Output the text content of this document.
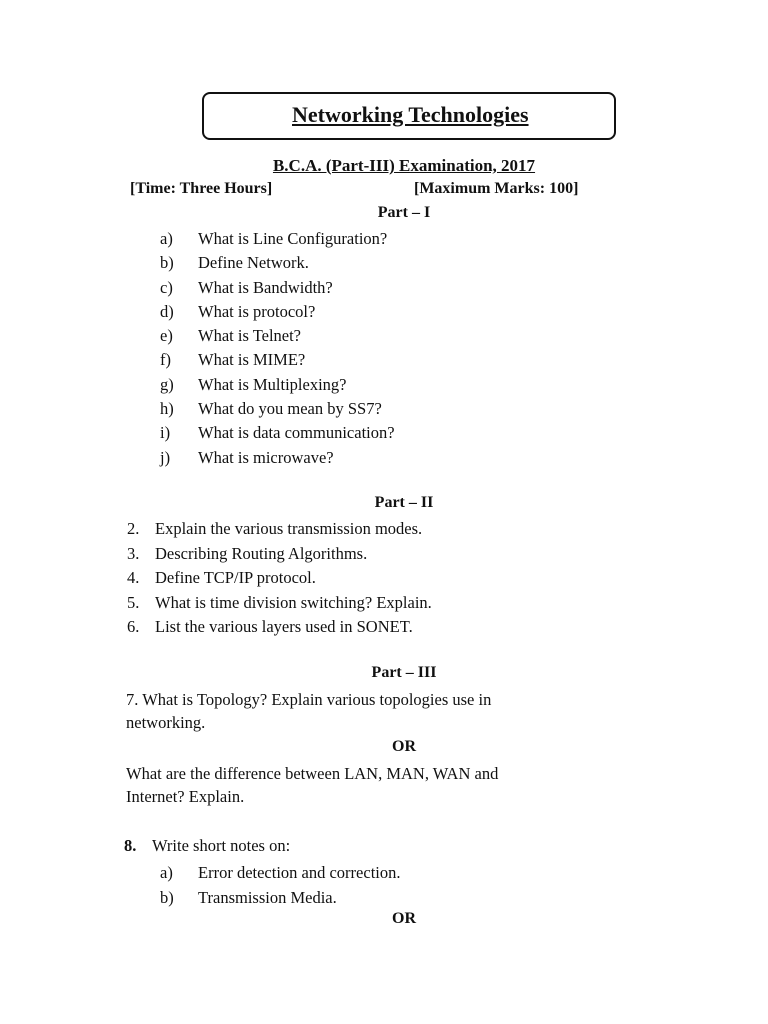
Networking Technologies
B.C.A. (Part-III) Examination, 2017
[Time: Three Hours]	[Maximum Marks: 100]
Part – I
a) What is Line Configuration?
b) Define Network.
c) What is Bandwidth?
d) What is protocol?
e) What is Telnet?
f) What is MIME?
g) What is Multiplexing?
h) What do you mean by SS7?
i) What is data communication?
j) What is microwave?
Part – II
2. Explain the various transmission modes.
3. Describing Routing Algorithms.
4. Define TCP/IP protocol.
5. What is time division switching? Explain.
6. List the various layers used in SONET.
Part – III
7. What is Topology? Explain various topologies use in
networking.
OR
What are the difference between LAN, MAN, WAN and
Internet? Explain.
8. Write short notes on:
a) Error detection and correction.
b) Transmission Media.
OR
